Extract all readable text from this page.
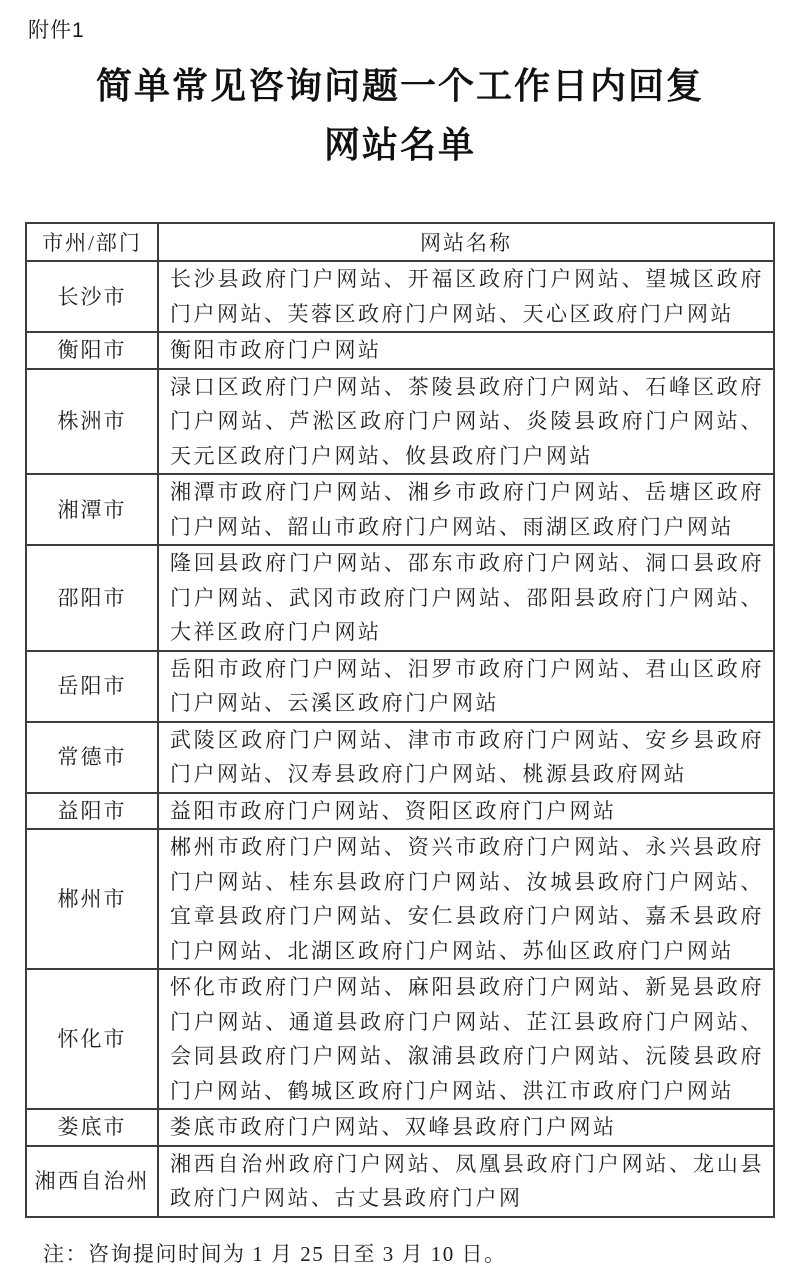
附件1
简单常见咨询问题一个工作日内回复
网站名单
市州/部门	网站名称
长沙市	长沙县政府门户网站、开福区政府门户网站、望城区政府门户网站、芙蓉区政府门户网站、天心区政府门户网站
衡阳市	衡阳市政府门户网站
株洲市	渌口区政府门户网站、茶陵县政府门户网站、石峰区政府门户网站、芦淞区政府门户网站、炎陵县政府门户网站、天元区政府门户网站、攸县政府门户网站
湘潭市	湘潭市政府门户网站、湘乡市政府门户网站、岳塘区政府门户网站、韶山市政府门户网站、雨湖区政府门户网站
邵阳市	隆回县政府门户网站、邵东市政府门户网站、洞口县政府门户网站、武冈市政府门户网站、邵阳县政府门户网站、大祥区政府门户网站
岳阳市	岳阳市政府门户网站、汨罗市政府门户网站、君山区政府门户网站、云溪区政府门户网站
常德市	武陵区政府门户网站、津市市政府门户网站、安乡县政府门户网站、汉寿县政府门户网站、桃源县政府网站
益阳市	益阳市政府门户网站、资阳区政府门户网站
郴州市	郴州市政府门户网站、资兴市政府门户网站、永兴县政府门户网站、桂东县政府门户网站、汝城县政府门户网站、宜章县政府门户网站、安仁县政府门户网站、嘉禾县政府门户网站、北湖区政府门户网站、苏仙区政府门户网站
怀化市	怀化市政府门户网站、麻阳县政府门户网站、新晃县政府门户网站、通道县政府门户网站、芷江县政府门户网站、会同县政府门户网站、溆浦县政府门户网站、沅陵县政府门户网站、鹤城区政府门户网站、洪江市政府门户网站
娄底市	娄底市政府门户网站、双峰县政府门户网站
湘西自治州	湘西自治州政府门户网站、凤凰县政府门户网站、龙山县政府门户网站、古丈县政府门户网
注：咨询提问时间为 1 月 25 日至 3 月 10 日。
